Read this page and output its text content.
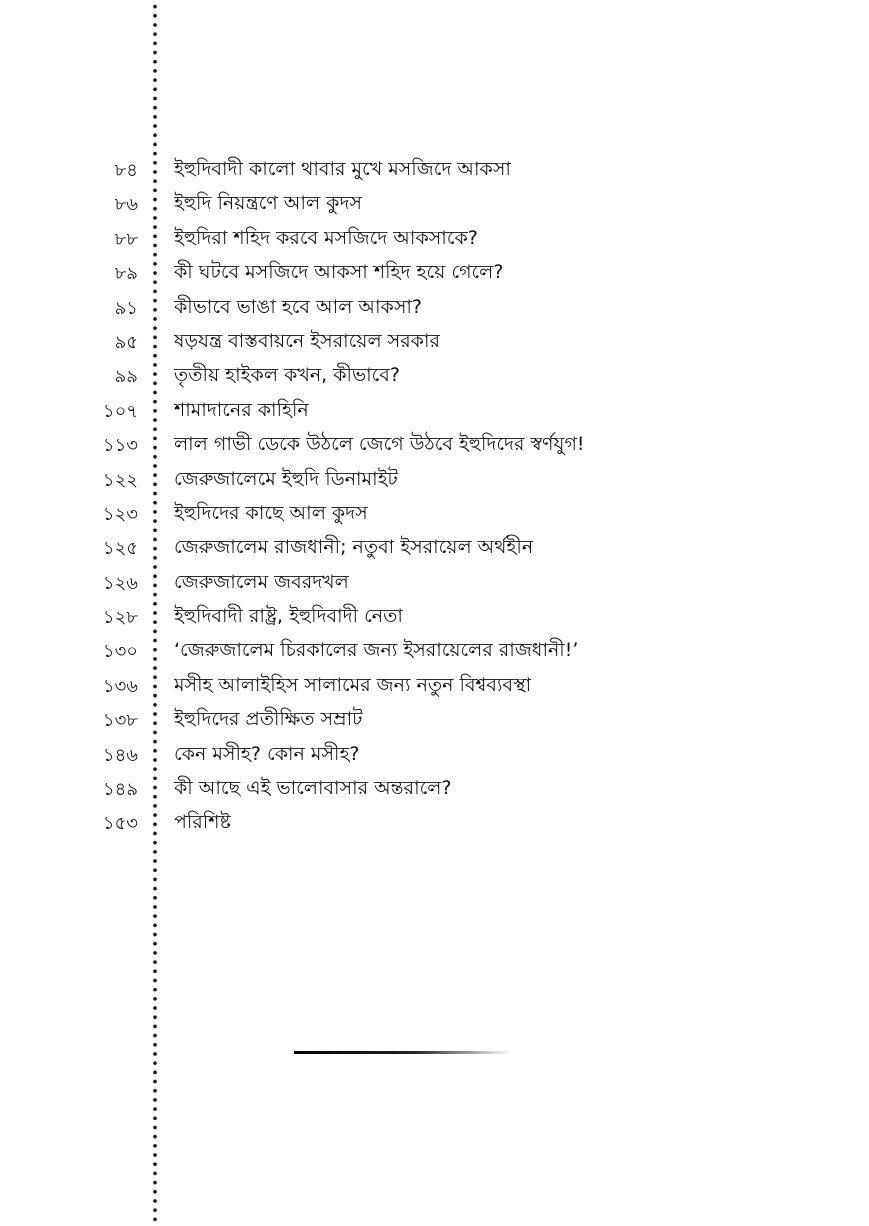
৮৪ ইহুদিবাদী কালো থাবার মুখে মসজিদে আকসা
৮৬ ইহুদি নিয়ন্ত্রণে আল কুদস
৮৮ ইহুদিরা শহিদ করবে মসজিদে আকসাকে?
৮৯ কী ঘটবে মসজিদে আকসা শহিদ হয়ে গেলে?
৯১ কীভাবে ভাঙা হবে আল আকসা?
৯৫ ষড়যন্ত্র বাস্তবায়নে ইসরায়েল সরকার
৯৯ তৃতীয় হাইকল কখন, কীভাবে?
১০৭ শামাদানের কাহিনি
১১৩ লাল গাভী ডেকে উঠলে জেগে উঠবে ইহুদিদের স্বর্ণযুগ!
১২২ জেরুজালেমে ইহুদি ডিনামাইট
১২৩ ইহুদিদের কাছে আল কুদস
১২৫ জেরুজালেম রাজধানী; নতুবা ইসরায়েল অর্থহীন
১২৬ জেরুজালেম জবরদখল
১২৮ ইহুদিবাদী রাষ্ট্র, ইহুদিবাদী নেতা
১৩০ ‘জেরুজালেম চিরকালের জন্য ইসরায়েলের রাজধানী!’
১৩৬ মসীহ আলাইহিস সালামের জন্য নতুন বিশ্বব্যবস্থা
১৩৮ ইহুদিদের প্রতীক্ষিত সম্রাট
১৪৬ কেন মসীহ? কোন মসীহ?
১৪৯ কী আছে এই ভালোবাসার অন্তরালে?
১৫৩ পরিশিষ্ট
